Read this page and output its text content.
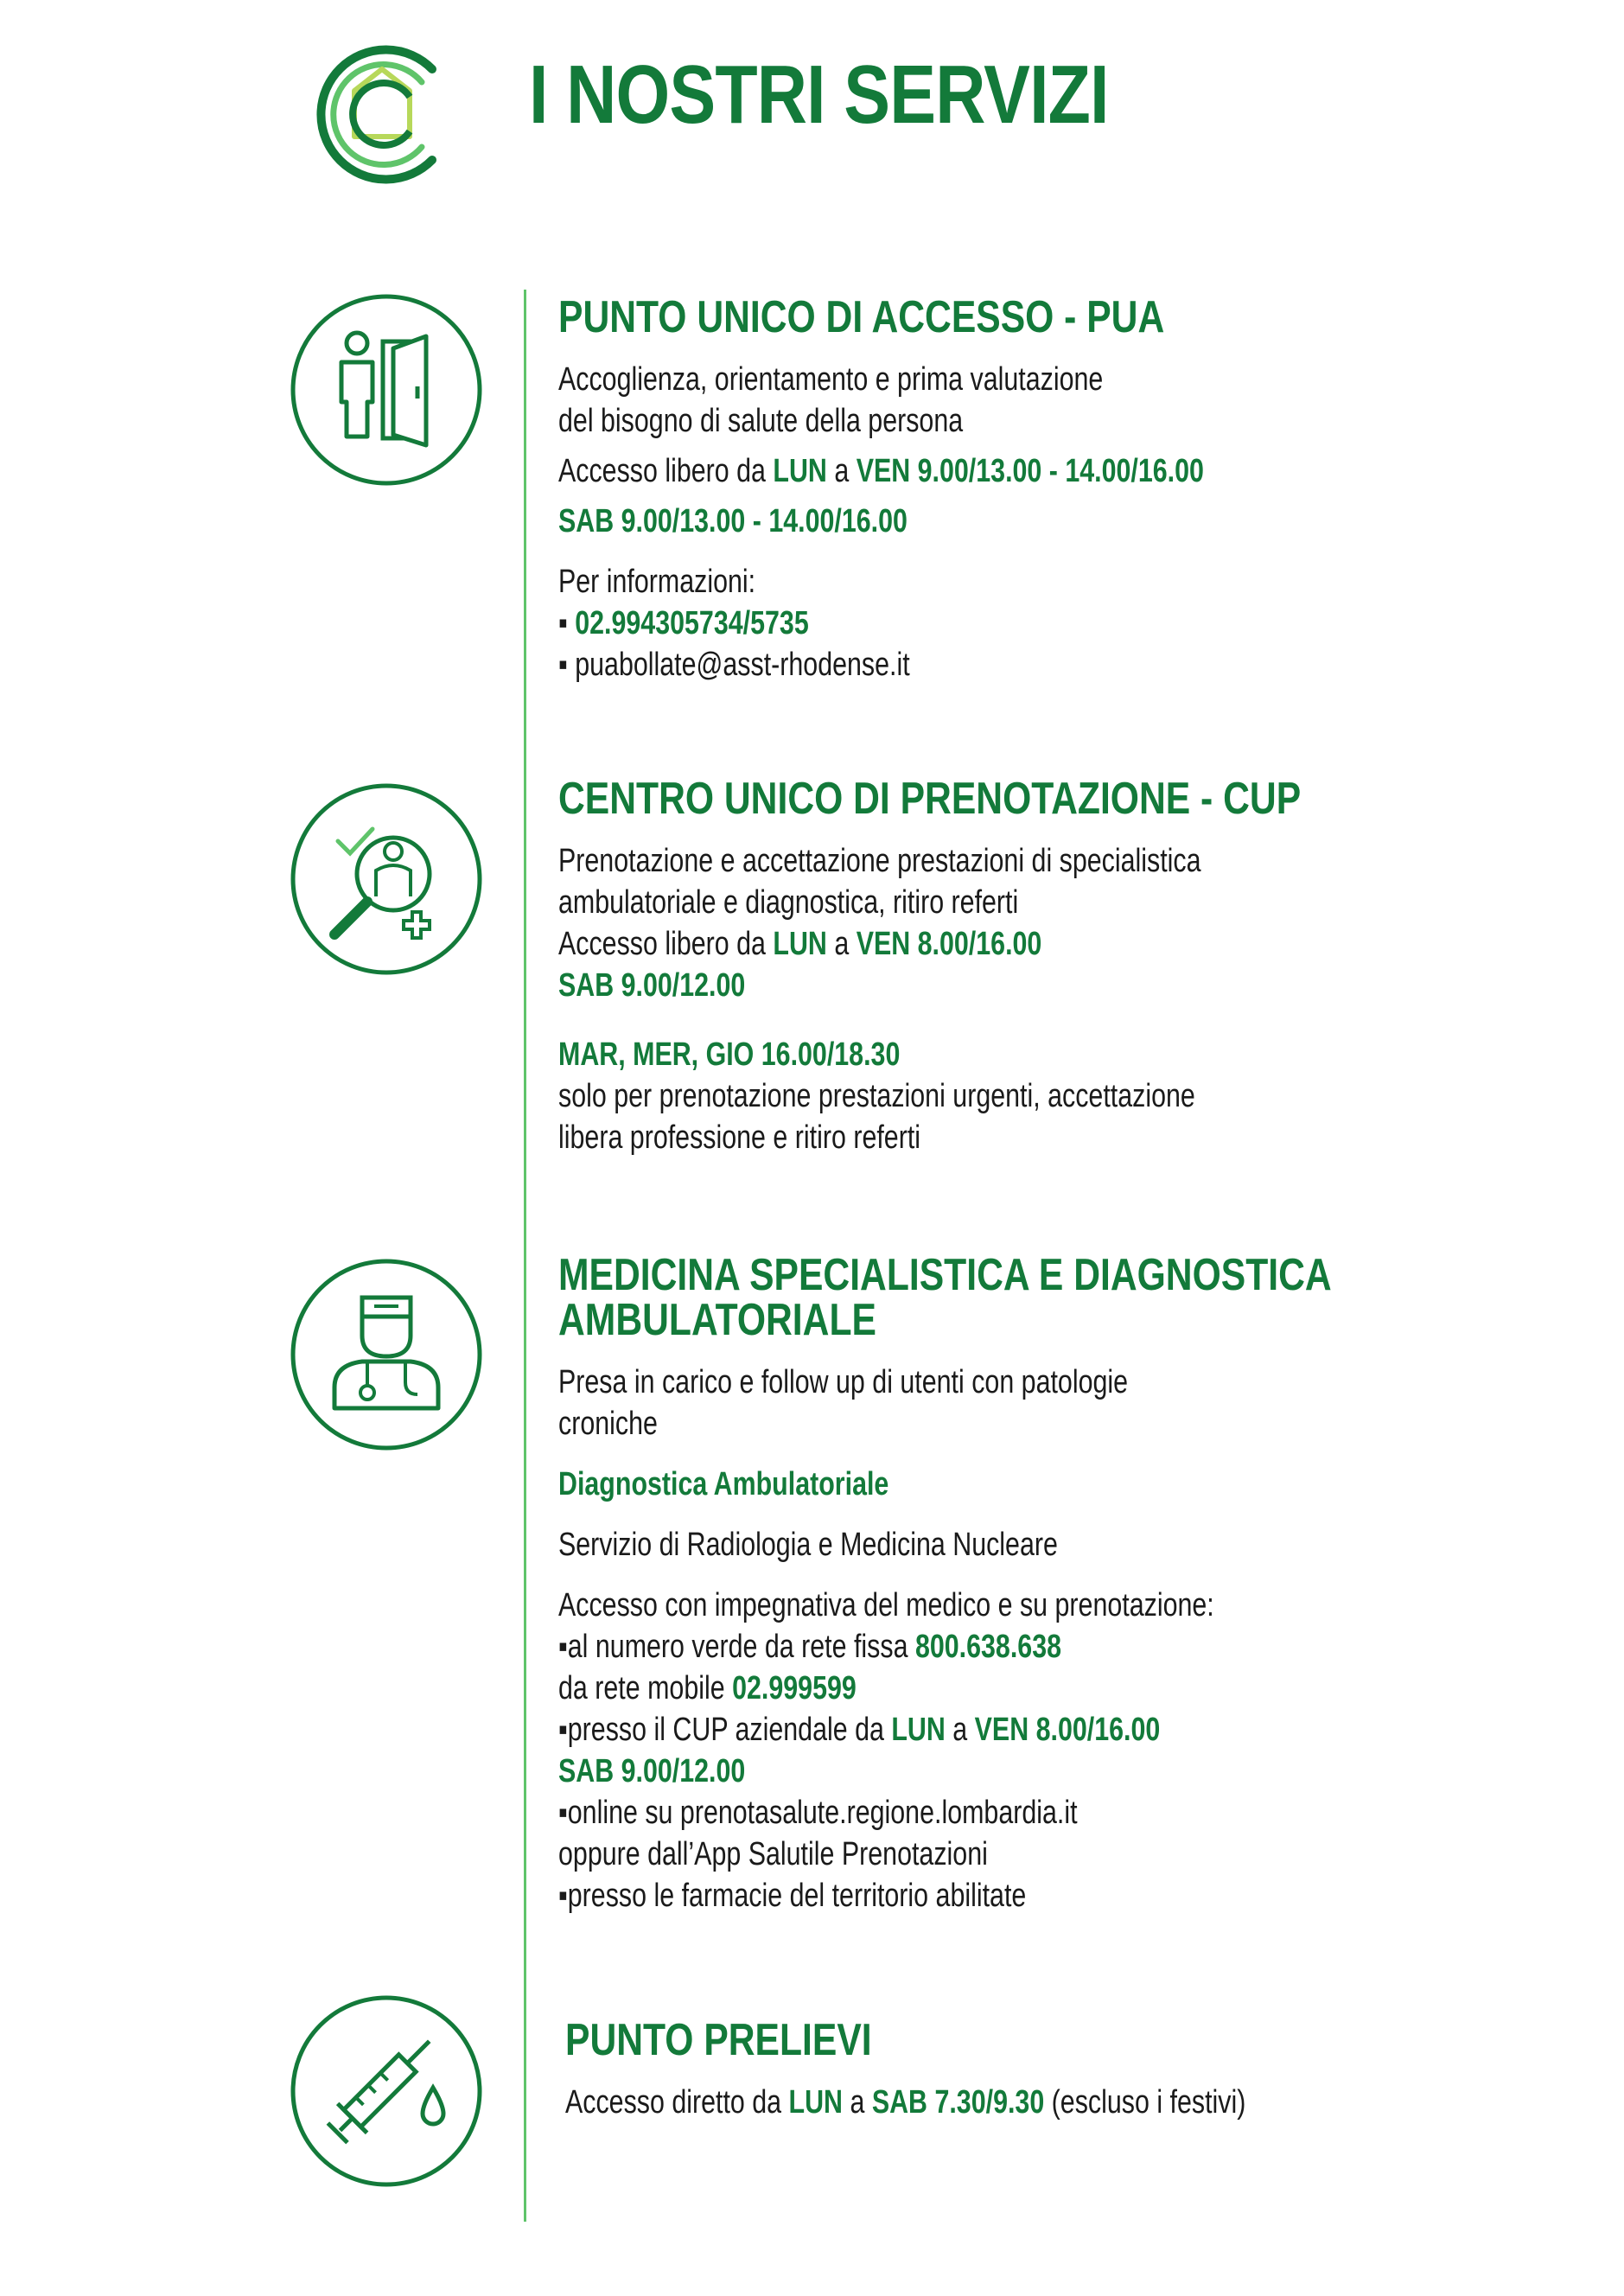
I NOSTRI SERVIZI
PUNTO UNICO DI ACCESSO - PUA

Accoglienza, orientamento e prima valutazione

del bisogno di salute della persona

Accesso libero da LUN a VEN 9.00/13.00 - 14.00/16.00

SAB 9.00/13.00 - 14.00/16.00

Per informazioni:

▪ 02.994305734/5735

▪ puabollate@asst-rhodense.it

CENTRO UNICO DI PRENOTAZIONE - CUP

Prenotazione e accettazione prestazioni di specialistica

ambulatoriale e diagnostica, ritiro referti

Accesso libero da LUN a VEN 8.00/16.00

SAB 9.00/12.00

MAR, MER, GIO 16.00/18.30

solo per prenotazione prestazioni urgenti, accettazione

libera professione e ritiro referti

MEDICINA SPECIALISTICA E DIAGNOSTICA
AMBULATORIALE

Presa in carico e follow up di utenti con patologie

croniche

Diagnostica Ambulatoriale

Servizio di Radiologia e Medicina Nucleare

Accesso con impegnativa del medico e su prenotazione:

▪al numero verde da rete fissa 800.638.638

da rete mobile 02.999599

▪presso il CUP aziendale da LUN a VEN 8.00/16.00

SAB 9.00/12.00

▪online su prenotasalute.regione.lombardia.it

oppure dall’App Salutile Prenotazioni

▪presso le farmacie del territorio abilitate

PUNTO PRELIEVI

Accesso diretto da LUN a SAB 7.30/9.30 (escluso i festivi)
